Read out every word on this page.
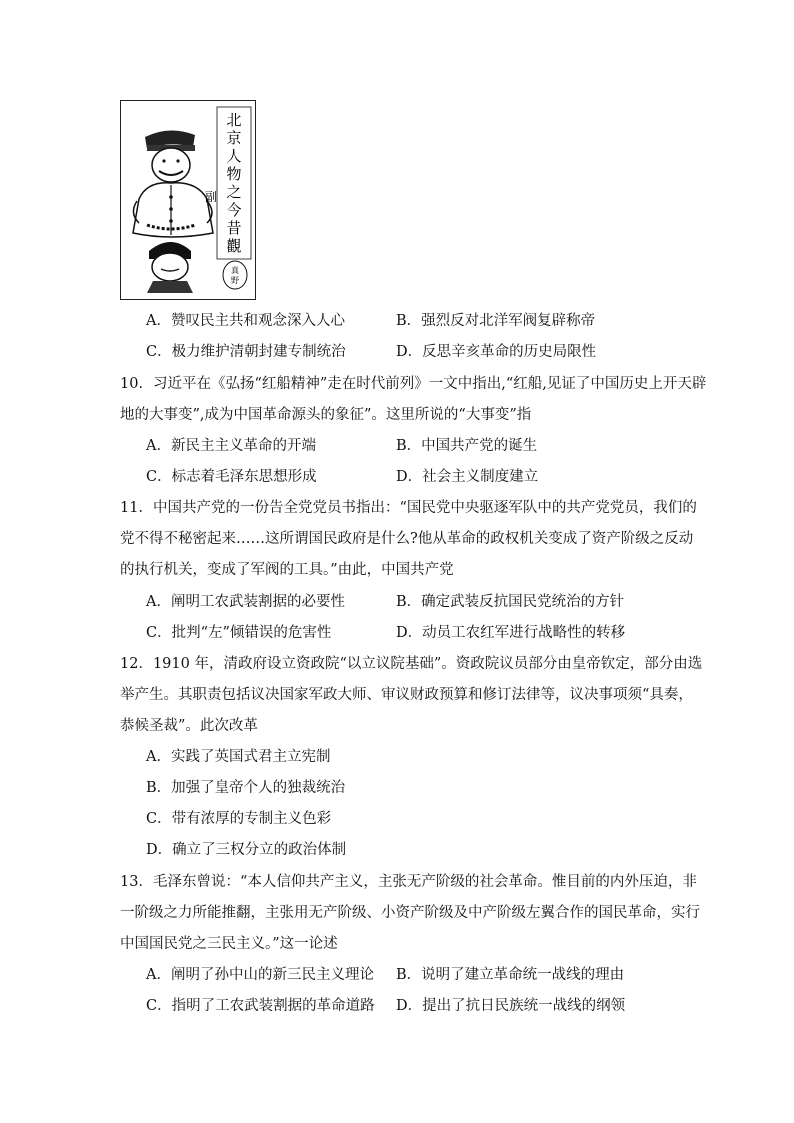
北
京
人
物
之
今
昔
觀
副
真
野
A．赞叹民主共和观念深入人心	B．强烈反对北洋军阀复辟称帝
C．极力维护清朝封建专制统治	D．反思辛亥革命的历史局限性
10．习近平在《弘扬“红船精神”走在时代前列》一文中指出,“红船,见证了中国历史上开天辟
地的大事变”,成为中国革命源头的象征”。这里所说的“大事变”指
A．新民主主义革命的开端	B．中国共产党的诞生
C．标志着毛泽东思想形成	D．社会主义制度建立
11．中国共产党的一份告全党党员书指出：“国民党中央驱逐军队中的共产党党员，我们的
党不得不秘密起来……这所谓国民政府是什么?他从革命的政权机关变成了资产阶级之反动
的执行机关，变成了军阀的工具。”由此，中国共产党
A．阐明工农武装割据的必要性	B．确定武装反抗国民党统治的方针
C．批判“左”倾错误的危害性	D．动员工农红军进行战略性的转移
12．1910 年，清政府设立资政院“以立议院基础”。资政院议员部分由皇帝钦定，部分由选
举产生。其职责包括议决国家军政大师、审议财政预算和修订法律等，议决事项须“具奏，
恭候圣裁”。此次改革
A．实践了英国式君主立宪制
B．加强了皇帝个人的独裁统治
C．带有浓厚的专制主义色彩
D．确立了三权分立的政治体制
13．毛泽东曾说：“本人信仰共产主义，主张无产阶级的社会革命。惟目前的内外压迫，非
一阶级之力所能推翻，主张用无产阶级、小资产阶级及中产阶级左翼合作的国民革命，实行
中国国民党之三民主义。”这一论述
A．阐明了孙中山的新三民主义理论 B．说明了建立革命统一战线的理由
C．指明了工农武装割据的革命道路 D．提出了抗日民族统一战线的纲领
